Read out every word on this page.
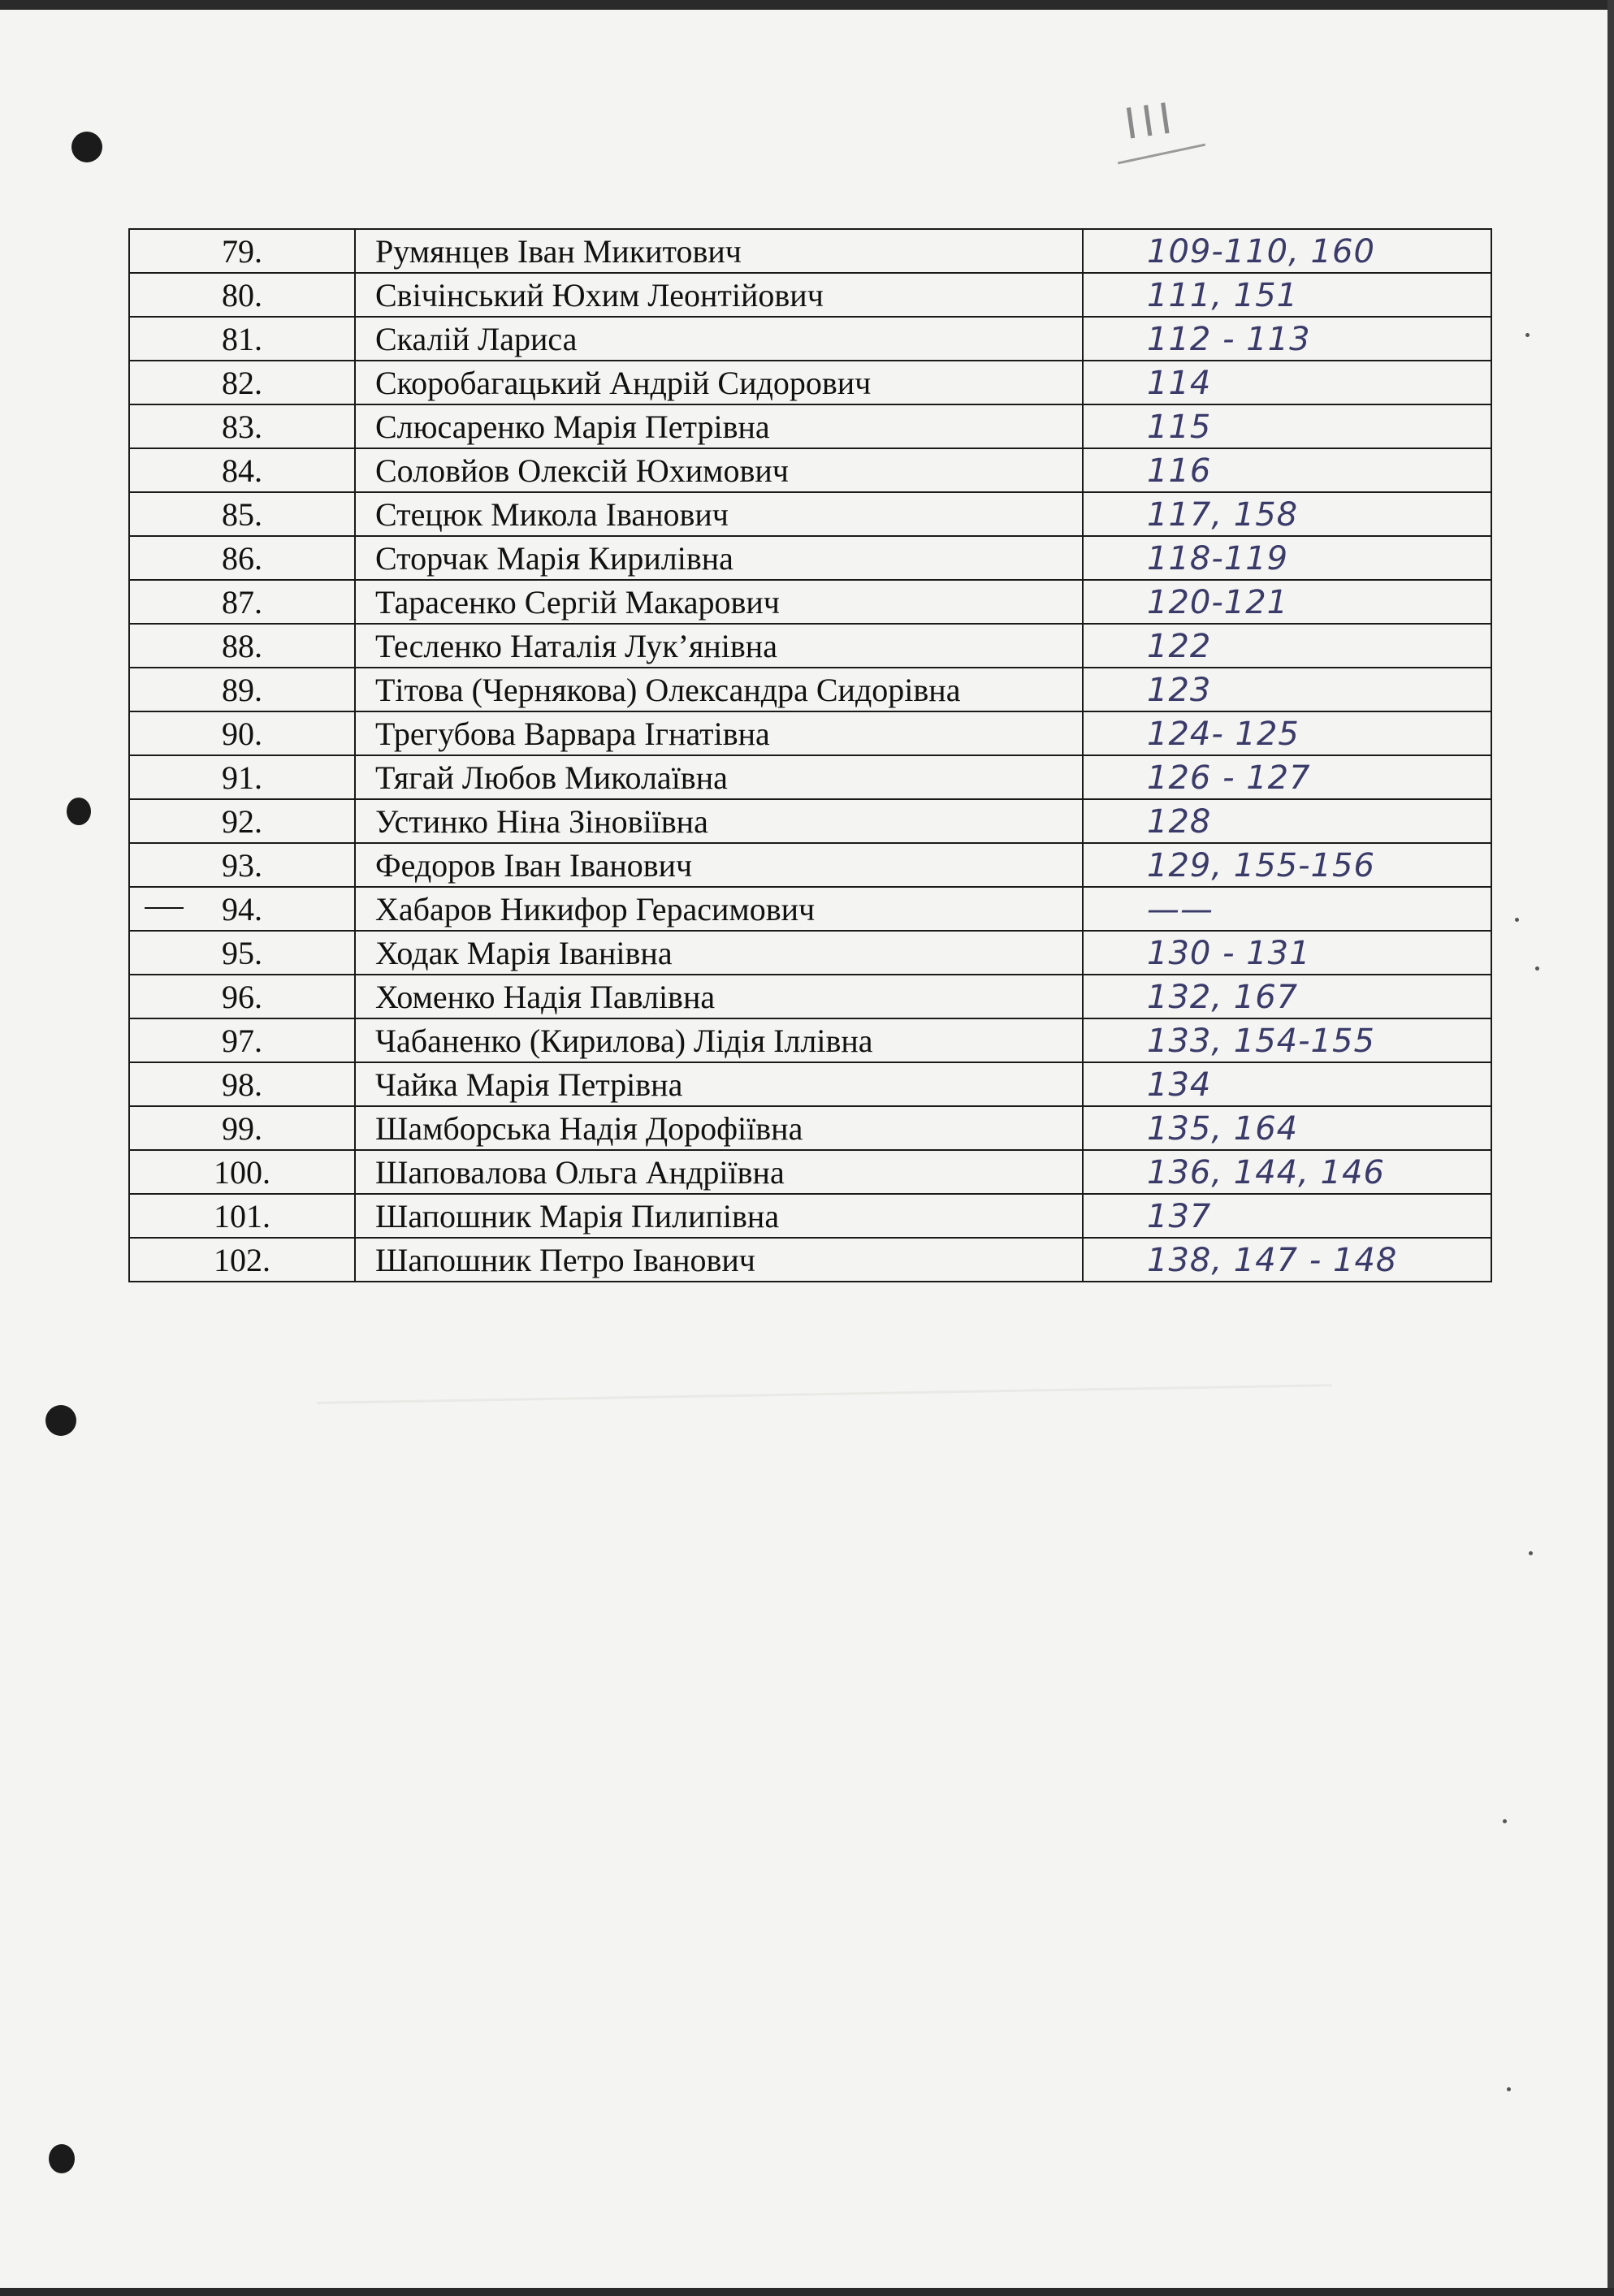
III
79.	Румянцев Іван Микитович	109-110, 160
80.	Свічінський Юхим Леонтійович	111, 151
81.	Скалій Лариса	112 - 113
82.	Скоробагацький Андрій Сидорович	114
83.	Слюсаренко Марія Петрівна	115
84.	Соловйов Олексій Юхимович	116
85.	Стецюк Микола Іванович	117, 158
86.	Сторчак Марія Кирилівна	118-119
87.	Тарасенко Сергій Макарович	120-121
88.	Тесленко Наталія Лук’янівна	122
89.	Тітова (Чернякова) Олександра Сидорівна	123
90.	Трегубова Варвара Ігнатівна	124- 125
91.	Тягай Любов Миколаївна	126 - 127
92.	Устинко Ніна Зіновіївна	128
93.	Федоров Іван Іванович	129, 155-156

94.	Хабаров Никифор Герасимович	——
95.	Ходак Марія Іванівна	130 - 131
96.	Хоменко Надія Павлівна	132, 167
97.	Чабаненко (Кирилова) Лідія Іллівна	133, 154-155
98.	Чайка Марія Петрівна	134
99.	Шамборська Надія Дорофіївна	135, 164
100.	Шаповалова Ольга Андріївна	136, 144, 146
101.	Шапошник Марія Пилипівна	137
102.	Шапошник Петро Іванович	138, 147 - 148
